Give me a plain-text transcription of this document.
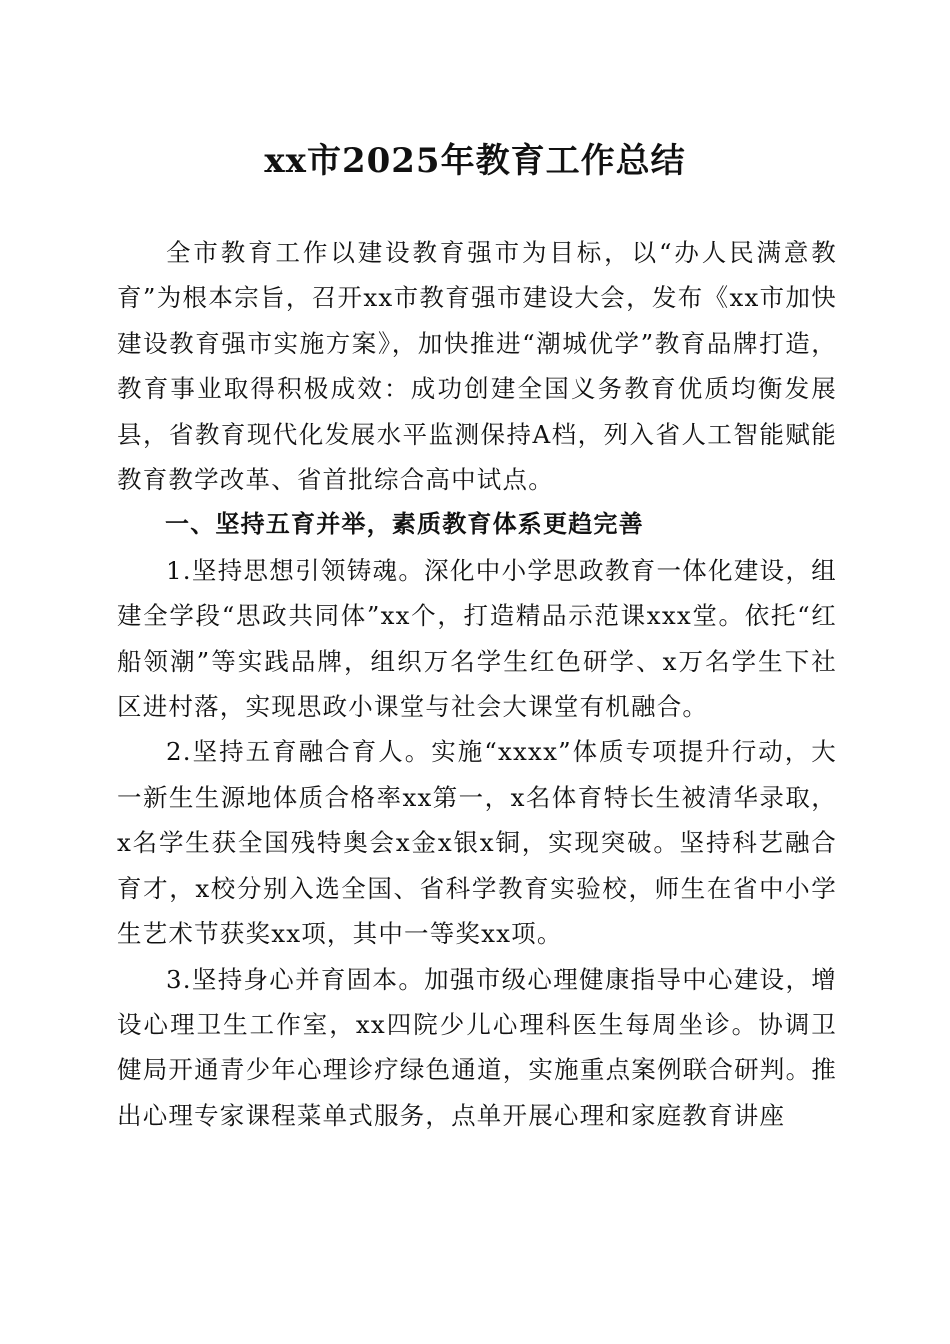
xx市2025年教育工作总结

全市教育工作以建设教育强市为目标，以“办人民满意教育”为根本宗旨，召开xx市教育强市建设大会，发布《xx市加快建设教育强市实施方案》，加快推进“潮城优学”教育品牌打造，教育事业取得积极成效：成功创建全国义务教育优质均衡发展县，省教育现代化发展水平监测保持A档，列入省人工智能赋能教育教学改革、省首批综合高中试点。

一、坚持五育并举，素质教育体系更趋完善

1.坚持思想引领铸魂。深化中小学思政教育一体化建设，组建全学段“思政共同体”xx个，打造精品示范课xxx堂。依托“红船领潮”等实践品牌，组织万名学生红色研学、x万名学生下社区进村落，实现思政小课堂与社会大课堂有机融合。

2.坚持五育融合育人。实施“xxxx”体质专项提升行动，大一新生生源地体质合格率xx第一，x名体育特长生被清华录取，x名学生获全国残特奥会x金x银x铜，实现突破。坚持科艺融合育才，x校分别入选全国、省科学教育实验校，师生在省中小学生艺术节获奖xx项，其中一等奖xx项。

3.坚持身心并育固本。加强市级心理健康指导中心建设，增设心理卫生工作室，xx四院少儿心理科医生每周坐诊。协调卫健局开通青少年心理诊疗绿色通道，实施重点案例联合研判。推出心理专家课程菜单式服务，点单开展心理和家庭教育讲座
